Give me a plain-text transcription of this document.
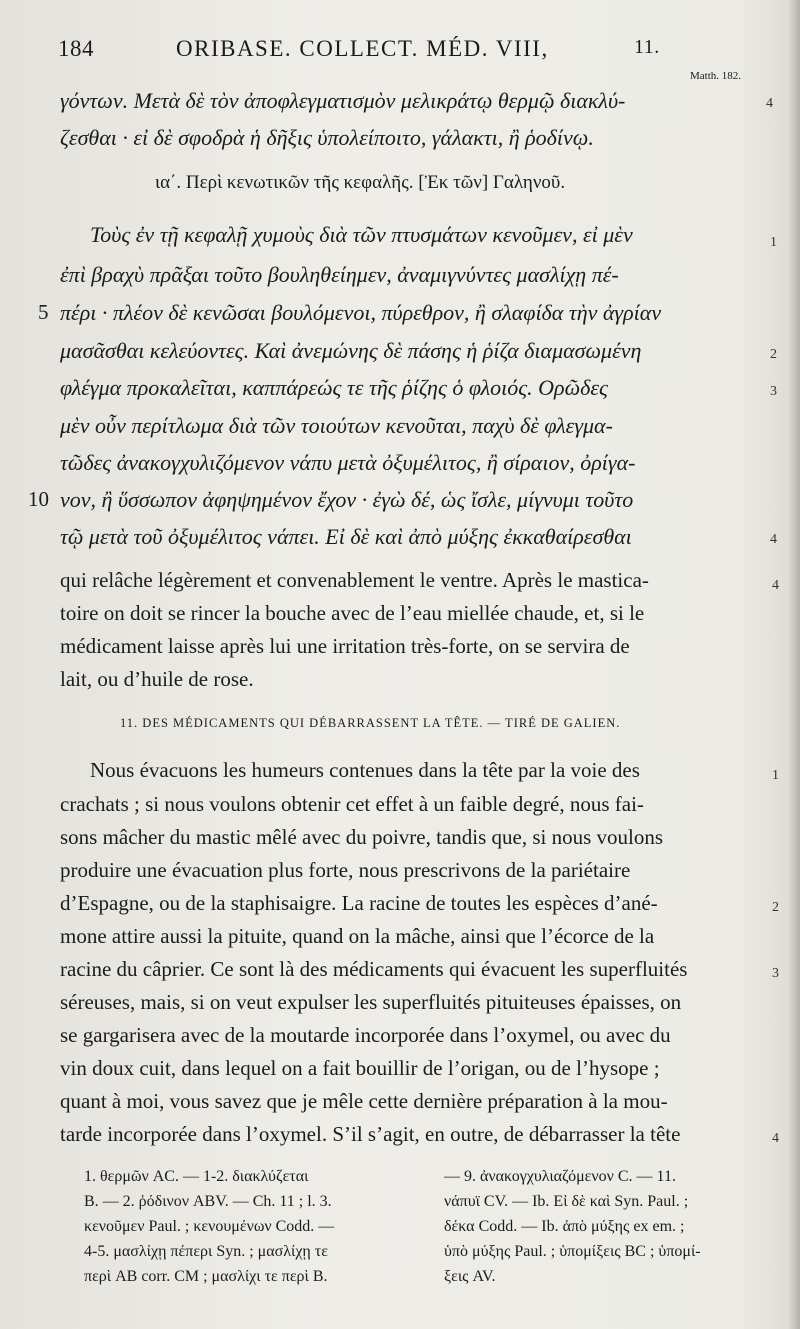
184	ORIBASE. COLLECT. MÉD. VIII,	11.
Matth. 182.
γόντων. Μετὰ δὲ τὸν ἀποφλεγματισμὸν μελικράτῳ θερμῷ διακλύ-
ζεσθαι · εἰ δὲ σφοδρὰ ἡ δῆξις ὑπολείποιτο, γάλακτι, ἢ ῥοδίνῳ.
4
ια΄. Περὶ κενωτικῶν τῆς κεφαλῆς. [Ἐκ τῶν] Γαληνοῦ.
Τοὺς ἐν τῇ κεφαλῇ χυμοὺς διὰ τῶν πτυσμάτων κενοῦμεν, εἰ μὲν
ἐπὶ βραχὺ πρᾶξαι τοῦτο βουληθείημεν, ἀναμιγνύντες μασλίχῃ πέ-
πέρι · πλέον δὲ κενῶσαι βουλόμενοι, πύρεθρον, ἢ σλαφίδα τὴν ἀγρίαν
μασᾶσθαι κελεύοντες. Καὶ ἀνεμώνης δὲ πάσης ἡ ῥίζα διαμασωμένη
φλέγμα προκαλεῖται, καππάρεώς τε τῆς ῥίζης ὁ φλοιός. Ορῶδες
μὲν οὖν περίτλωμα διὰ τῶν τοιούτων κενοῦται, παχὺ δὲ φλεγμα-
τῶδες ἀνακογχυλιζόμενον νάπυ μετὰ ὀξυμέλιτος, ἢ σίραιον, ὀρίγα-
νον, ἢ ὕσσωπον ἀφηψημένον ἔχον · ἐγὼ δέ, ὡς ἴσλε, μίγνυμι τοῦτο
τῷ μετὰ τοῦ ὀξυμέλιτος νάπει. Εἰ δὲ καὶ ἀπὸ μύξης ἐκκαθαίρεσθαι
5
10
1
2
3
4
qui relâche légèrement et convenablement le ventre. Après le mastica-
toire on doit se rincer la bouche avec de l’eau miellée chaude, et, si le
médicament laisse après lui une irritation très-forte, on se servira de
lait, ou d’huile de rose.
4
11. DES MÉDICAMENTS QUI DÉBARRASSENT LA TÊTE. — TIRÉ DE GALIEN.
Nous évacuons les humeurs contenues dans la tête par la voie des
crachats ; si nous voulons obtenir cet effet à un faible degré, nous fai-
sons mâcher du mastic mêlé avec du poivre, tandis que, si nous voulons
produire une évacuation plus forte, nous prescrivons de la pariétaire
d’Espagne, ou de la staphisaigre. La racine de toutes les espèces d’ané-
mone attire aussi la pituite, quand on la mâche, ainsi que l’écorce de la
racine du câprier. Ce sont là des médicaments qui évacuent les superfluités
séreuses, mais, si on veut expulser les superfluités pituiteuses épaisses, on
se gargarisera avec de la moutarde incorporée dans l’oxymel, ou avec du
vin doux cuit, dans lequel on a fait bouillir de l’origan, ou de l’hysope ;
quant à moi, vous savez que je mêle cette dernière préparation à la mou-
tarde incorporée dans l’oxymel. S’il s’agit, en outre, de débarrasser la tête
1
2
3
4
1. θερμῶν AC. — 1-2. διακλύζεται
B. — 2. ῥόδινον ABV. — Ch. 11 ; l. 3.
κενοῦμεν Paul. ; κενουμένων Codd. —
4-5. μασλίχῃ πέπερι Syn. ; μασλίχῃ τε
περὶ AB corr. CM ; μασλίχι τε περὶ B.
— 9. ἀνακογχυλιαζόμενον C. — 11.
νάπυϊ CV. — Ib. Εἰ δὲ καὶ Syn. Paul. ;
δέκα Codd. — Ib. ἀπὸ μύξης ex em. ;
ὑπὸ μύξης Paul. ; ὑπομίξεις BC ; ὑπομί-
ξεις AV.
